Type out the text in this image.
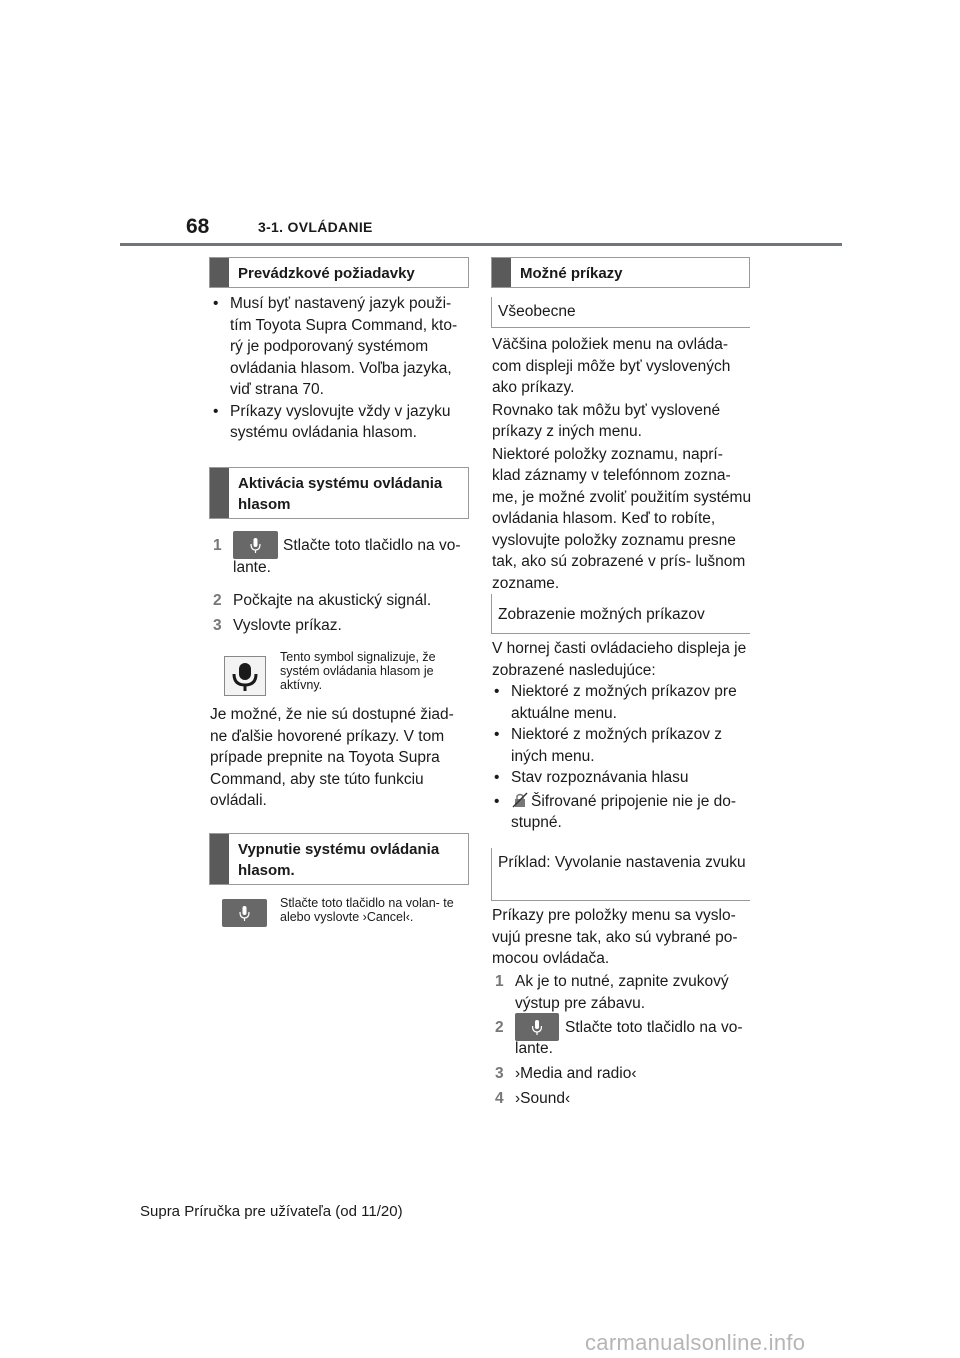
68	3-1. OVLÁDANIE
Prevádzkové požiadavky
• Musí byť nastavený jazyk použi- tím Toyota Supra Command, kto- rý je podporovaný systémom ovládania hlasom. Voľba jazyka, viď strana 70.
• Príkazy vyslovujte vždy v jazyku systému ovládania hlasom.
Aktivácia systému ovládania hlasom
1	Stlačte toto tlačidlo na vo- lante.
2 Počkajte na akustický signál.
3 Vyslovte príkaz.
Tento symbol signalizuje, že systém ovládania hlasom je aktívny.
Je možné, že nie sú dostupné žiad- ne ďalšie hovorené príkazy. V tom prípade prepnite na Toyota Supra Command, aby ste túto funkciu ovládali.
Vypnutie systému ovládania hlasom.
Stlačte toto tlačidlo na volan- te alebo vyslovte ›Cancel‹.
Možné príkazy
Všeobecne
Väčšina položiek menu na ovláda- com displeji môže byť vyslovených ako príkazy.
Rovnako tak môžu byť vyslovené príkazy z iných menu.
Niektoré položky zoznamu, naprí- klad záznamy v telefónnom zozna- me, je možné zvoliť použitím systému ovládania hlasom. Keď to robíte, vyslovujte položky zoznamu presne tak, ako sú zobrazené v prís- lušnom zozname.
Zobrazenie možných príkazov
V hornej časti ovládacieho displeja je zobrazené nasledujúce:
• Niektoré z možných príkazov pre aktuálne menu.
• Niektoré z možných príkazov z iných menu.
• Stav rozpoznávania hlasu
• Šifrované pripojenie nie je do- stupné.
Príklad: Vyvolanie nastavenia zvuku
Príkazy pre položky menu sa vyslo- vujú presne tak, ako sú vybrané po- mocou ovládača.
1 Ak je to nutné, zapnite zvukový výstup pre zábavu.
2	Stlačte toto tlačidlo na vo- lante.
3 ›Media and radio‹
4 ›Sound‹
Supra Príručka pre užívateľa (od 11/20)
carmanualsonline.info
